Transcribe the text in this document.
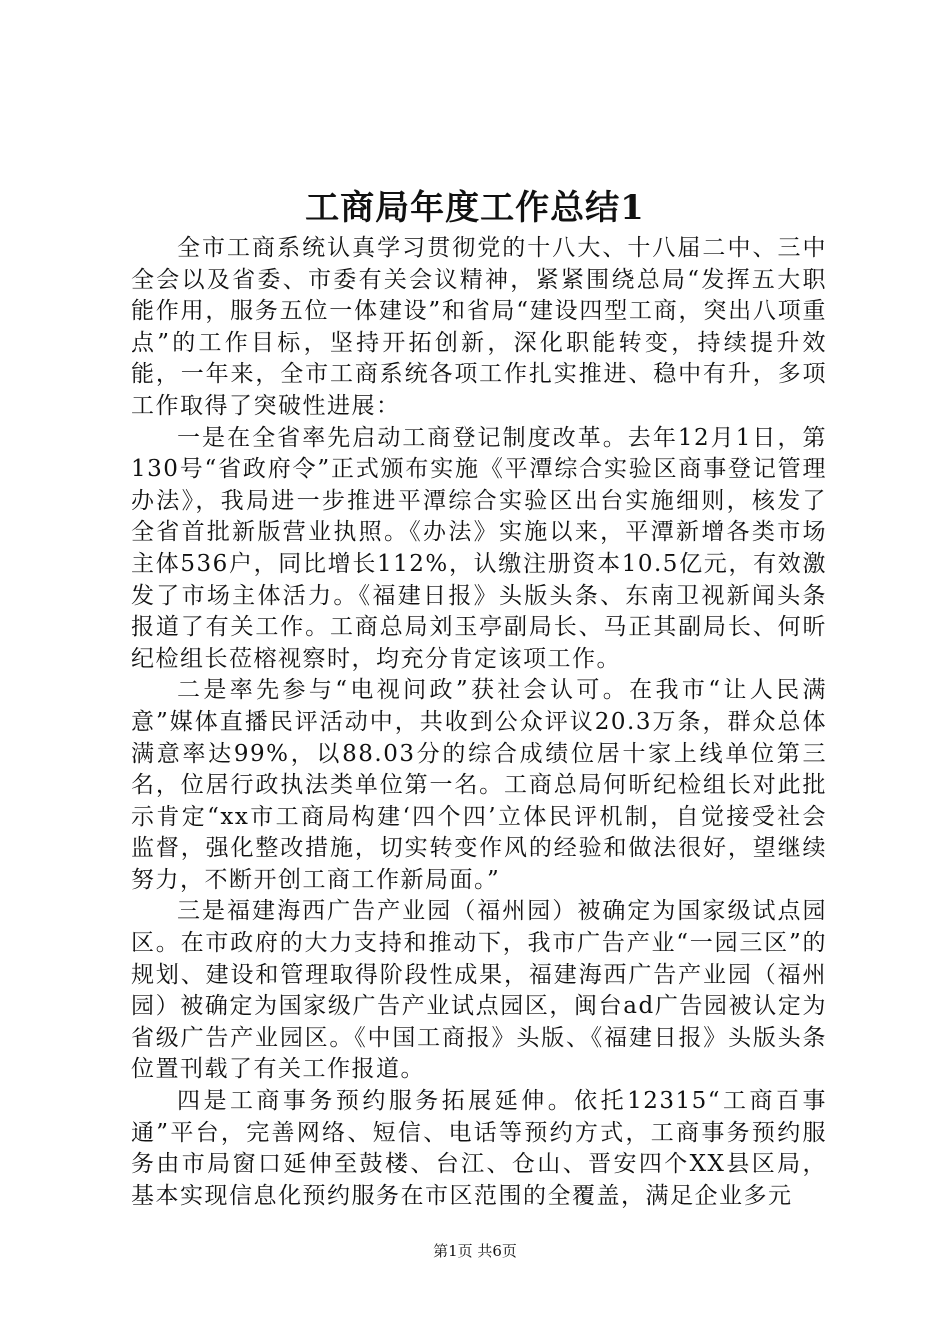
工商局年度工作总结1

全市工商系统认真学习贯彻党的十八大、十八届二中、三中全会以及省委、市委有关会议精神，紧紧围绕总局“发挥五大职能作用，服务五位一体建设”和省局“建设四型工商，突出八项重点”的工作目标，坚持开拓创新，深化职能转变，持续提升效能，一年来，全市工商系统各项工作扎实推进、稳中有升，多项工作取得了突破性进展：

一是在全省率先启动工商登记制度改革。去年12月1日，第130号“省政府令”正式颁布实施《平潭综合实验区商事登记管理办法》，我局进一步推进平潭综合实验区出台实施细则，核发了全省首批新版营业执照。《办法》实施以来，平潭新增各类市场主体536户，同比增长112%，认缴注册资本10.5亿元，有效激发了市场主体活力。《福建日报》头版头条、东南卫视新闻头条报道了有关工作。工商总局刘玉亭副局长、马正其副局长、何昕纪检组长莅榕视察时，均充分肯定该项工作。

二是率先参与“电视问政”获社会认可。在我市“让人民满意”媒体直播民评活动中，共收到公众评议20.3万条，群众总体满意率达99%，以88.03分的综合成绩位居十家上线单位第三名，位居行政执法类单位第一名。工商总局何昕纪检组长对此批示肯定“xx市工商局构建‘四个四’立体民评机制，自觉接受社会监督，强化整改措施，切实转变作风的经验和做法很好，望继续努力，不断开创工商工作新局面。”

三是福建海西广告产业园（福州园）被确定为国家级试点园区。在市政府的大力支持和推动下，我市广告产业“一园三区”的规划、建设和管理取得阶段性成果，福建海西广告产业园（福州园）被确定为国家级广告产业试点园区，闽台ad广告园被认定为省级广告产业园区。《中国工商报》头版、《福建日报》头版头条位置刊载了有关工作报道。

四是工商事务预约服务拓展延伸。依托12315“工商百事通”平台，完善网络、短信、电话等预约方式，工商事务预约服务由市局窗口延伸至鼓楼、台江、仓山、晋安四个XX县区局，基本实现信息化预约服务在市区范围的全覆盖，满足企业多元

第1页 共6页
